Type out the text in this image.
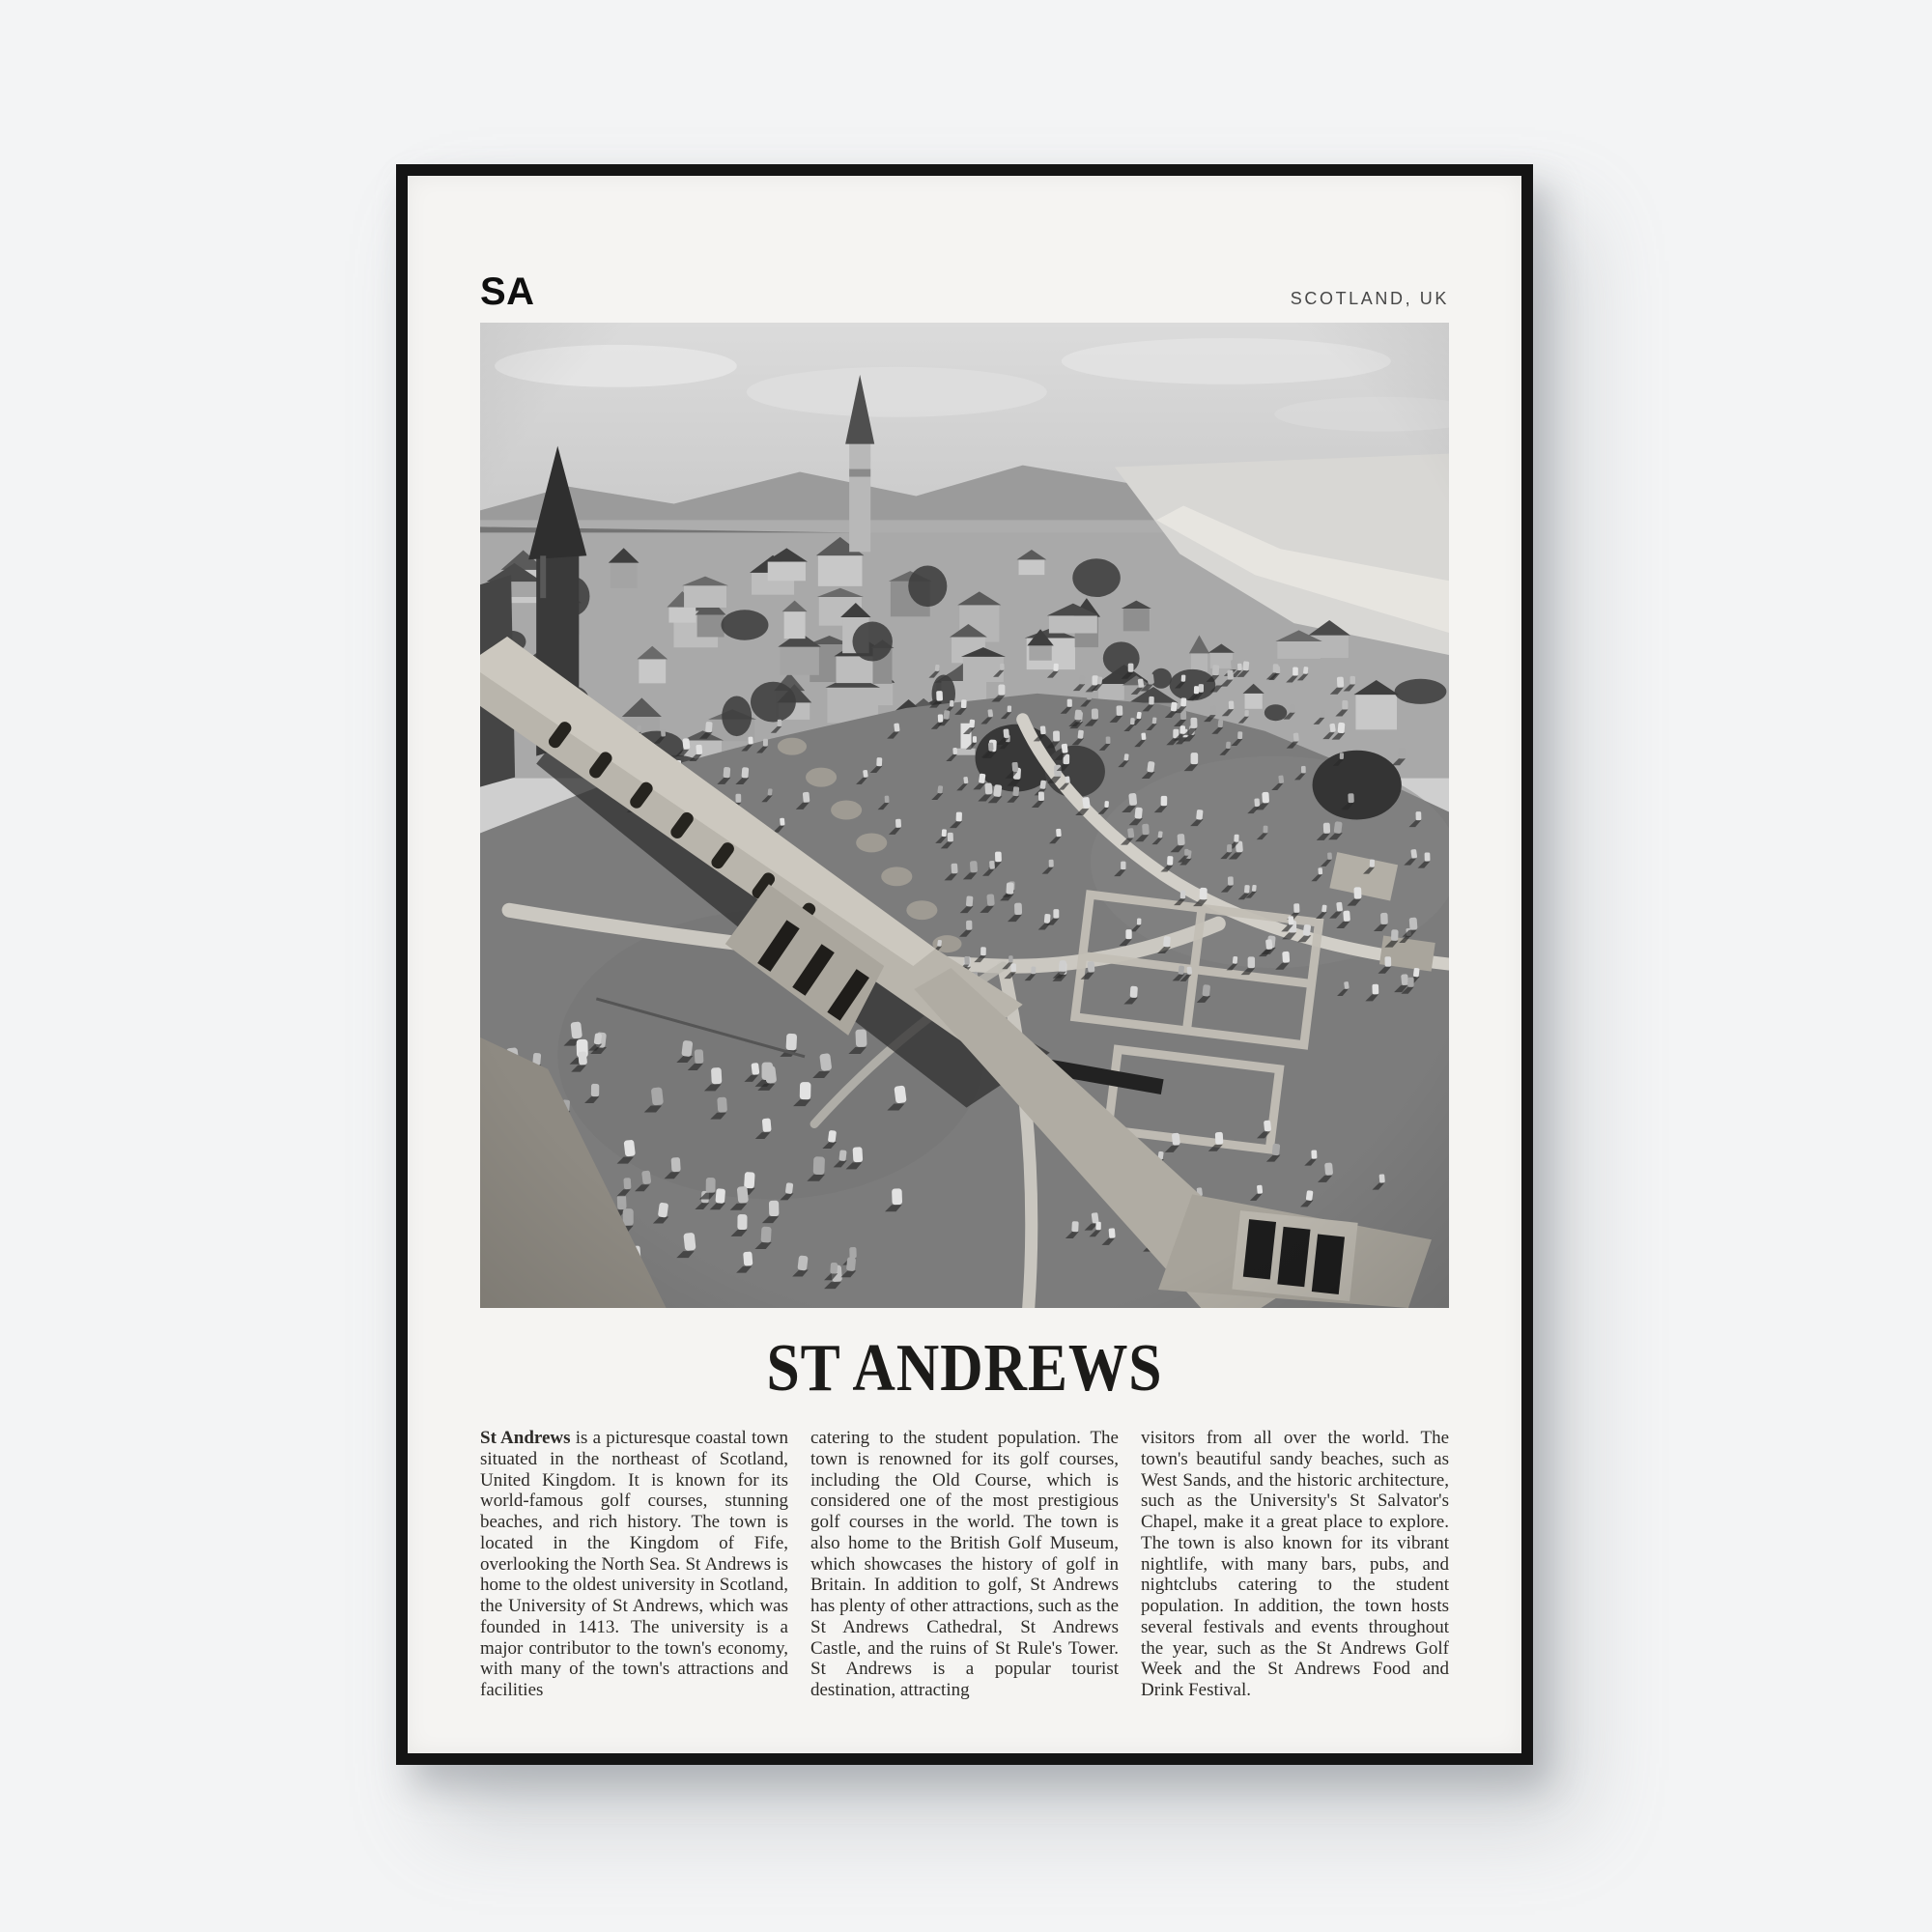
SA	SCOTLAND, UK
ST ANDREWS

St Andrews is a picturesque coastal town situated in the northeast of Scotland, United Kingdom. It is known for its world-famous golf courses, stunning beaches, and rich history. The town is located in the Kingdom of Fife, overlooking the North Sea. St Andrews is home to the oldest university in Scotland, the University of St Andrews, which was founded in 1413. The university is a major contributor to the town's economy, with many of the town's attractions and facilities

catering to the student population. The town is renowned for its golf courses, including the Old Course, which is considered one of the most prestigious golf courses in the world. The town is also home to the British Golf Museum, which showcases the history of golf in Britain. In addition to golf, St Andrews has plenty of other attractions, such as the St Andrews Cathedral, St Andrews Castle, and the ruins of St Rule's Tower. St Andrews is a popular tourist destination, attracting

visitors from all over the world. The town's beautiful sandy beaches, such as West Sands, and the historic architecture, such as the University's St Salvator's Chapel, make it a great place to explore. The town is also known for its vibrant nightlife, with many bars, pubs, and nightclubs catering to the student population. In addition, the town hosts several festivals and events throughout the year, such as the St Andrews Golf Week and the St Andrews Food and Drink Festival.
